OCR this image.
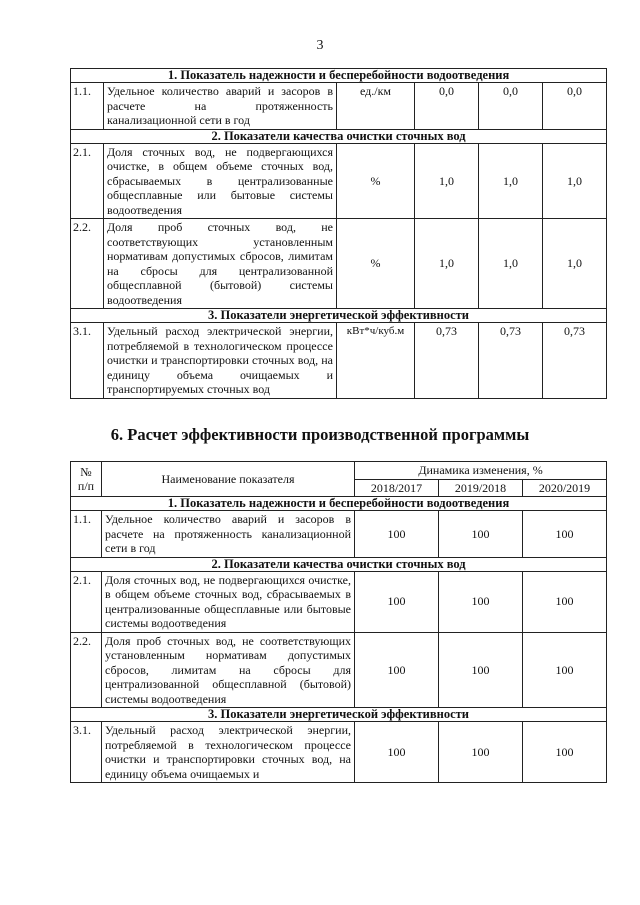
3
1. Показатель надежности и бесперебойности водоотведения					
1.1.	Удельное количество аварий и засоров в расчете на протяженность канализационной сети в год	ед./км	0,0	0,0	0,0
2. Показатели качества очистки сточных вод					
2.1.	Доля сточных вод, не подвергающихся очистке, в общем объеме сточных вод, сбрасываемых в централизованные общесплавные или бытовые системы водоотведения	%	1,0	1,0	1,0
2.2.	Доля проб сточных вод, не соответствующих установленным нормативам допустимых сбросов, лимитам на сбросы для централизованной общесплавной (бытовой) системы водоотведения	%	1,0	1,0	1,0
3. Показатели энергетической эффективности					
3.1.	Удельный расход электрической энергии, потребляемой в технологическом процессе очистки и транспортировки сточных вод, на единицу объема очищаемых и транспортируемых сточных вод	кВт*ч/куб.м	0,73	0,73	0,73
6. Расчет эффективности производственной программы
№
п/п	Наименование показателя	Динамика изменения, %		
		2018/2017	2019/2018	2020/2019
1. Показатель надежности и бесперебойности водоотведения				
1.1.	Удельное количество аварий и засоров в расчете на протяженность канализационной сети в год	100	100	100
2. Показатели качества очистки сточных вод				
2.1.	Доля сточных вод, не подвергающихся очистке, в общем объеме сточных вод, сбрасываемых в централизованные общесплавные или бытовые системы водоотведения	100	100	100
2.2.	Доля проб сточных вод, не соответствующих установленным нормативам допустимых сбросов, лимитам на сбросы для централизованной общесплавной (бытовой) системы водоотведения	100	100	100
3. Показатели энергетической эффективности				
3.1.	Удельный расход электрической энергии, потребляемой в технологическом процессе очистки и транспортировки сточных вод, на единицу объема очищаемых и	100	100	100
